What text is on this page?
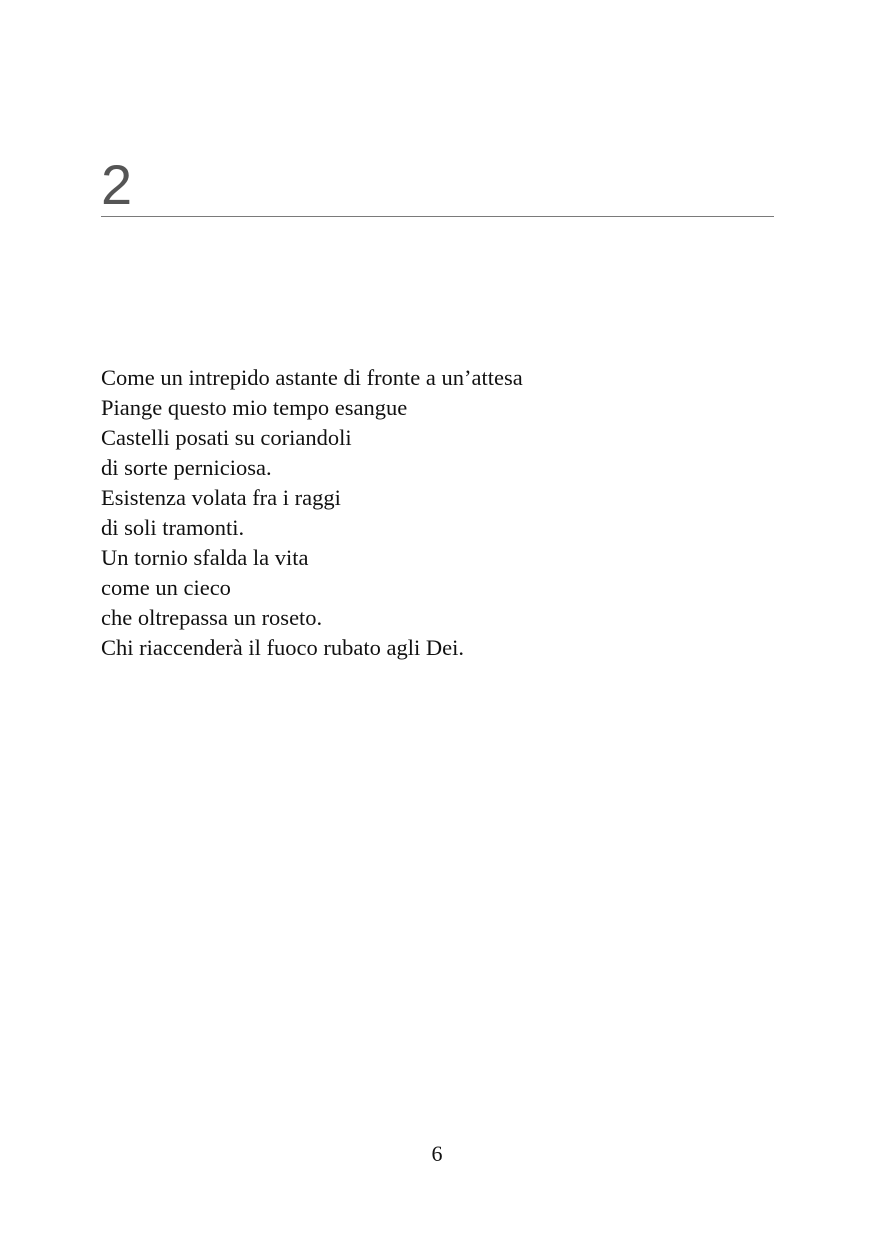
2
Come un intrepido astante di fronte a un’attesa
Piange questo mio tempo esangue
Castelli posati su coriandoli
di sorte perniciosa.
Esistenza volata fra i raggi
di soli tramonti.
Un tornio sfalda la vita
come un cieco
che oltrepassa un roseto.
Chi riaccenderà il fuoco rubato agli Dei.
6
